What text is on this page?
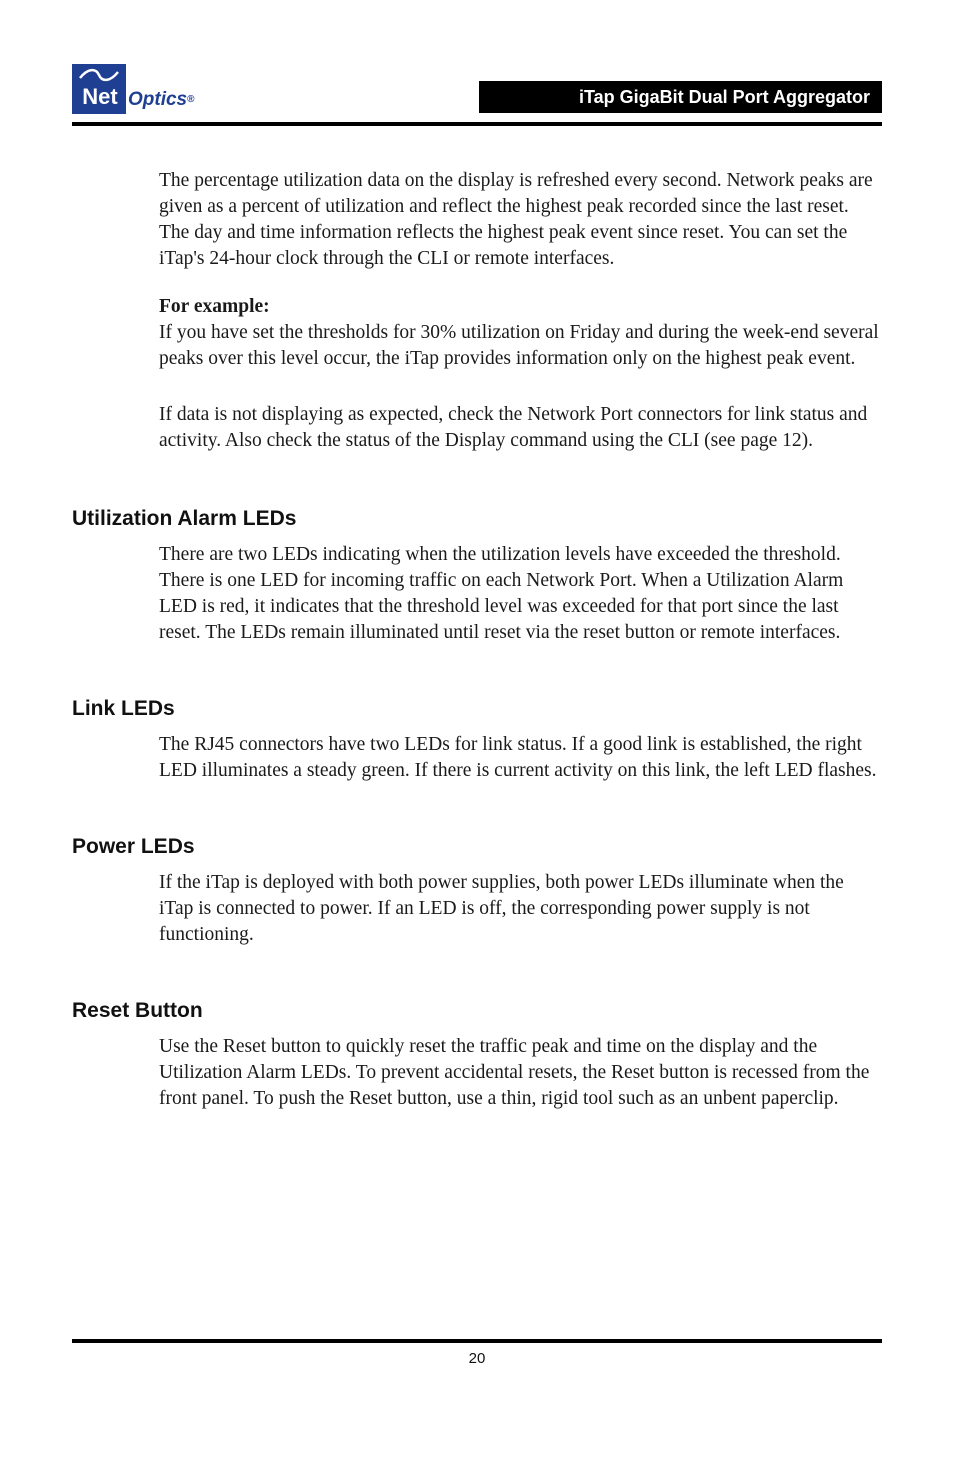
Net Optics®	iTap GigaBit Dual Port Aggregator

The percentage utilization data on the display is refreshed every second. Network peaks are given as a percent of utilization and reflect the highest peak recorded since the last reset. The day and time information reflects the highest peak event since reset. You can set the iTap's 24-hour clock through the CLI or remote interfaces.

For example:

If you have set the thresholds for 30% utilization on Friday and during the week-end several peaks over this level occur, the iTap provides information only on the highest peak event.

If data is not displaying as expected, check the Network Port connectors for link status and activity. Also check the status of the Display command using the CLI (see page 12).

Utilization Alarm LEDs

There are two LEDs indicating when the utilization levels have exceeded the threshold. There is one LED for incoming traffic on each Network Port. When a Utilization Alarm LED is red, it indicates that the threshold level was exceeded for that port since the last reset. The LEDs remain illuminated until reset via the reset button or remote interfaces.

Link LEDs

The RJ45 connectors have two LEDs for link status. If a good link is established, the right LED illuminates a steady green. If there is current activity on this link, the left LED flashes.

Power LEDs

If the iTap is deployed with both power supplies, both power LEDs illuminate when the iTap is connected to power. If an LED is off, the corresponding power supply is not functioning.

Reset Button

Use the Reset button to quickly reset the traffic peak and time on the display and the Utilization Alarm LEDs. To prevent accidental resets, the Reset button is recessed from the front panel. To push the Reset button, use a thin, rigid tool such as an unbent paperclip.

20
